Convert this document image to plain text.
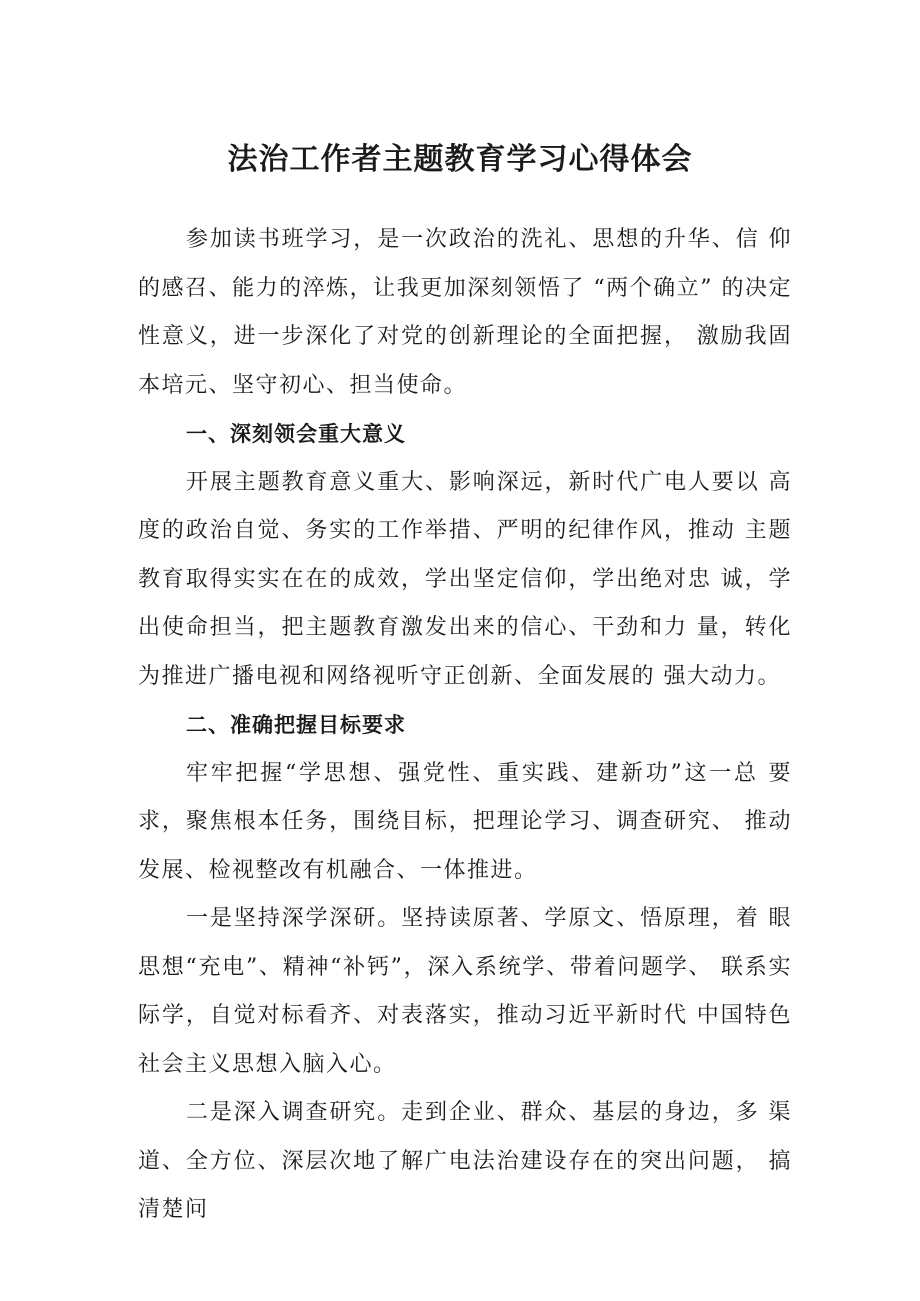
法治工作者主题教育学习心得体会

参加读书班学习，是一次政治的洗礼、思想的升华、信 仰的感召、能力的淬炼，让我更加深刻领悟了 “两个确立” 的决定性意义，进一步深化了对党的创新理论的全面把握， 激励我固本培元、坚守初心、担当使命。

一、深刻领会重大意义

开展主题教育意义重大、影响深远，新时代广电人要以 高度的政治自觉、务实的工作举措、严明的纪律作风，推动 主题教育取得实实在在的成效，学出坚定信仰，学出绝对忠 诚，学出使命担当，把主题教育激发出来的信心、干劲和力 量，转化为推进广播电视和网络视听守正创新、全面发展的 强大动力。

二、准确把握目标要求

牢牢把握“学思想、强党性、重实践、建新功”这一总 要求，聚焦根本任务，围绕目标，把理论学习、调查研究、 推动发展、检视整改有机融合、一体推进。

一是坚持深学深研。坚持读原著、学原文、悟原理，着 眼思想“充电”、精神“补钙”，深入系统学、带着问题学、 联系实际学，自觉对标看齐、对表落实，推动习近平新时代 中国特色社会主义思想入脑入心。

二是深入调查研究。走到企业、群众、基层的身边，多 渠道、全方位、深层次地了解广电法治建设存在的突出问题， 搞清楚问
